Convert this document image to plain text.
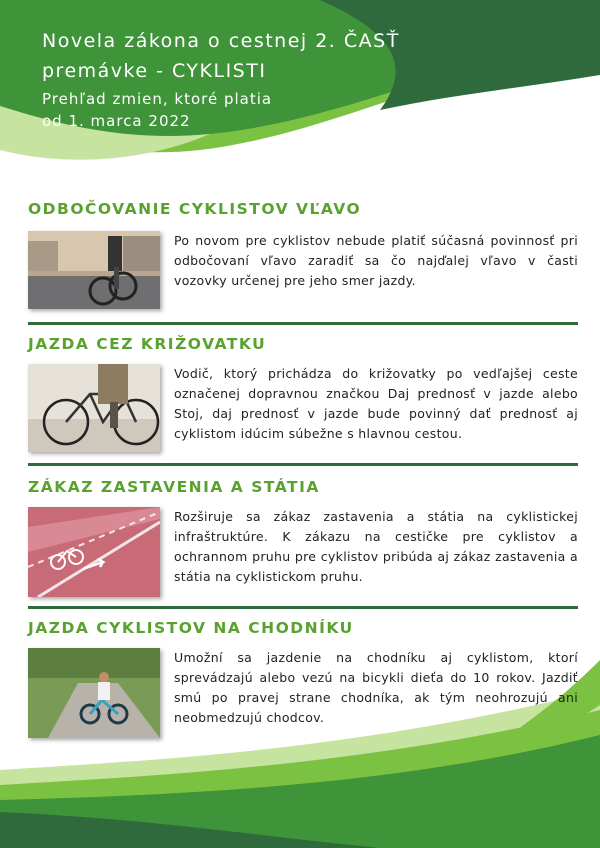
Novela zákona o cestnej 2. ČASŤ
premávke - CYKLISTI
Prehľad zmien, ktoré platia
od 1. marca 2022
ODBOČOVANIE CYKLISTOV VĽAVO
Po novom pre cyklistov nebude platiť súčasná povinnosť pri odbočovaní vľavo zaradiť sa čo najďalej vľavo v časti vozovky určenej pre jeho smer jazdy.
JAZDA CEZ KRIŽOVATKU
Vodič, ktorý prichádza do križovatky po vedľajšej ceste označenej dopravnou značkou Daj prednosť v jazde alebo Stoj, daj prednosť v jazde bude povinný dať prednosť aj cyklistom idúcim súbežne s hlavnou cestou.
ZÁKAZ ZASTAVENIA A STÁTIA
Rozširuje sa zákaz zastavenia a státia na cyklistickej infraštruktúre. K zákazu na cestičke pre cyklistov a ochrannom pruhu pre cyklistov pribúda aj zákaz zastavenia a státia na cyklistickom pruhu.
JAZDA CYKLISTOV NA CHODNÍKU
Umožní sa jazdenie na chodníku aj cyklistom, ktorí sprevádzajú alebo vezú na bicykli dieťa do 10 rokov. Jazdiť smú po pravej strane chodníka, ak tým neohrozujú ani neobmedzujú chodcov.
